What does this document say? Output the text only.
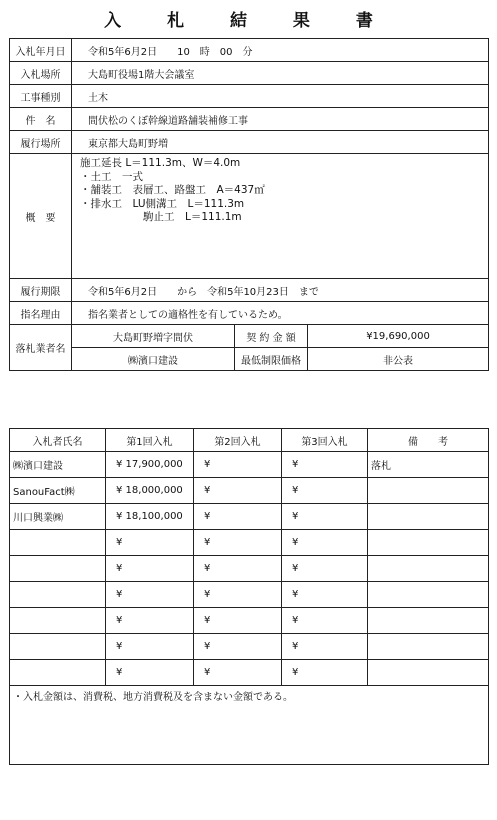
入 札 結 果 書
入札年月日	令和5年6月2日　　10　時　00　分		
入札場所	大島町役場1階大会議室		
工事種別	土木		
件　名	間伏松のくぼ幹線道路舗装補修工事		
履行場所	東京都大島町野増		
概　要	施工延長 L＝111.3m、W＝4.0m
・土工　一式
・舗装工　表層工、路盤工　A＝437㎡
・排水工　LU側溝工　L＝111.3m
　　　　　　駒止工　L＝111.1m		

履行期限	令和5年6月2日　　から　令和5年10月23日　まで		
指名理由	指名業者としての適格性を有しているため。		
落札業者名	大島町野増字間伏	契 約 金 額	¥19,690,000
	㈱濱口建設	最低制限価格	非公表
入札者氏名	第1回入札	第2回入札	第3回入札	備　　考
㈱濱口建設	¥ 17,900,000	¥	¥	落札
SanouFact㈱	¥ 18,000,000	¥	¥	
川口興業㈱	¥ 18,100,000	¥	¥	
	¥	¥	¥	
	¥	¥	¥	
	¥	¥	¥	
	¥	¥	¥	
	¥	¥	¥	
	¥	¥	¥	
・入札金額は、消費税、地方消費税及を含まない金額である。				
